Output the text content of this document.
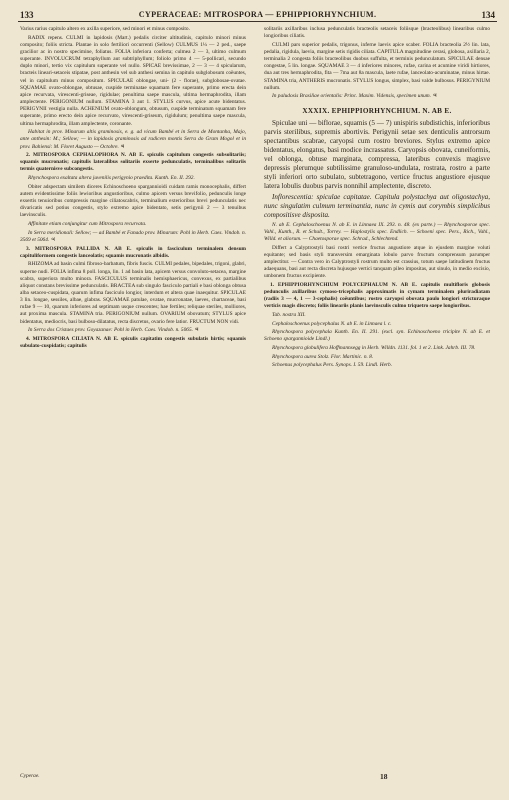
133	CYPERACEAE: MITROSPORA — EPHIPPIORHYNCHIUM.	134

Varius rarius capitulo altero ex axilla superiore, sed minori et minus composito.

RADIX repens. CULMI in lapidosis (Mart.) pedalis circiter altitudinis, capitulo minori minus composito; foliis stricta. Plantae in solo fertiliori occurrenti (Sellow) CULMUS 1¼ — 2 ped., saepe gracilior ac in nostro specimine, foliatus. FOLIA inferiora conferta; culmea 2 — 3, ultimo culmum superante. INVOLUCRUM tetraphyllum aut subtriphyllum; foliolo primo 4 — 5-pollicari, secundo duplo minori, tertio vix capitulum superante vel nullo. SPICAE brevissimae, 2 — 3 — 4 spicularum, bracteis lineari-setaceis stipatae, post anthesin vel sub anthesi semina in capitulo subglobosum coëuntes, vel in capitulum minus compositum. SPICULAE oblongae, uni- (2 - florae), subglobosae-ovatae. SQUAMAE ovato-oblongae, obtusae, cuspide terminatae squamam fere superante, primo erecta dein apice recurvata, virescenti-griseae, rigidulae; penultima saepe mascula, ultima hermaphrodita, illam amplectente. PERIGONIUM nullum. STAMINA 3 aut 1. STYLUS curvus, apice acute bidentatus. PERIGYNII vestigia nulla. ACHENIUM ovato-oblongum, obtusum, cuspide terminatum squamam fere superante, primo erecto dein apice recurvato, virescenti-griseum, rigidulum; penultima saepe mascula, ultima hermaphrodita, illam amplectente, coronante.

Habitat in prov. Minarum altis graminosis, e. g. ad vicum Bambé et in Serra de Montanha, Majo, ante anthesin: M.; Sellow; — in lapidosis graminosis ad radicem montis Serra do Gram Mogol et in prov. Bahiensi: M. Floret Augusto — Octobre. ♃

2. MITROSPORA CEPHALOPHORA N. AB E. spiculis capitulum congestis subsolitariis; squamis mucronatis; capitulis lateralibus solitariis exserte pedunculatis, terminalibus solitariis termis quaternisve subcongestis.

Rhynchospora exaltata altera juvenilis perigynio praedita. Kunth. En. II. 292.

Obiter adspectam similem diceres Echinoschoeno spargannioidi cuidam ramis monocephalis, differt autem evidentissime foliis lewioribus angustioribus, culmo apicem versus brevifolio, pedunculis longe exsertis tenuioribus compressis margine ciliatoscabris, terminalium exterioribus brevi pedunculatis nec divaricatis sed potius congestis, stylo extremo apice bidentato, setis perigynii 2 — 3 tenuibus laevinsculis.

Affinitate etiam conjungitur cum Mitrospora recurvata.

In Serra meridionali: Sellow; — ad Bambé et Fanado prov. Minarum: Pohl in Herb. Caes. Vindob. n. 3569 et 5064. ♃

3. MITROSPORA PALLIDA N. AB E. spiculis in fasciculum terminalem densum capituliformem congestis lanceolatis; squamis mucronatis albidis.

RHIZOMA ad basin culmi fibroso-barbatum, fibris fuscis. CULMI pedales, bipedales, trigoni, glabri, superne nudi. FOLIA infima 8 poll. longa, lin. 1 ad basin lata, apicem versus convoluto-setacea, margine scabra, superiora multo minora. FASCICULUS terminalis hemisphaericus, convexus, ex partialibus aliquot constans brevissime pedunculatis. BRACTEA sub singulo fasciculo partiali e basi oblonga obtusa alba setaceo-cuspidata, quarum infima fasciculo longior, interdum et altera quae inaequitur. SPICULAE 3 lin. longae, sessiles, albae, glabras. SQUAMAE patulae, ovatae, mucronatae, laeves, chartaceae, basi rufae 9 — 10, quarum inferiores ad septimam usque crescentes; hae fertiles; reliquae steriles, molliores, aut proxima mascula. STAMINA tria. PERIGONIUM nullum. OVARIUM obovatum; STYLUS apice bidentatus, mediocris, basi bulboso-dilatatus, recta discretus, ovario fere latior. FRUCTUM NON vidi.

In Serra dos Cristaes prov. Goyazanae: Pohl in Herb. Caes. Vindob. n. 5065. ♃

4. MITROSPORA CILIATA N. AB E. spiculis capitatim congestis subulatis hirtis; squamis subulato-cuspidatis; capitulis

solitariis axillaribus inclusa pedunculatis bracteolis setaceis foliisque (bracteolibus) linearibus culmo longioribus ciliatis.

CULMI pars superior pedalis, trigonus, inferne laevis apice scaber. FOLIA bracteolia 2½ lin. lata, pedalia, rigidula, laevia, margine setis rigidis ciliata. CAPITULA magnitudine cerasi, globosa, axillaria 2, terminalia 2 congesta foliis bracteolibus duobus suffulta, et terminis pedunculatum. SPICULAE densae congestae, 5 lin. longae. SQUAMAE 3 — 4 inferiores minores, rufae, carina et acumine viridi hirtiores, dua aut tres hermaphrodita, fita — 7ma aut 8a mascula, laete rufae, lanceolato-acuminatae, minus hirtae. STAMINA tria, ANTHERIS mucronatis. STYLUS longus, simplex, basi valde bulbosus. PERIGYNIUM nullum.

In paludosis Brasiliae orientalis: Princ. Maxim. Vidensis, specimen unum. ♃

XXXIX. EPHIPPIORHYNCHIUM. N. AB E.

Spiculae uni — biflorae, squamis (5 — 7) unispiris subdistichis, inferioribus parvis sterilibus, supremis abortivis. Perigynii setae sex denticulis antrorsum spectantibus scabrae, caryopsi cum rostro breviores. Stylus extremo apice bidentatus, elongatus, basi modice incrassatus. Caryopsis obovata, cuneiformis, vel oblonga, obtuse marginata, compressa, lateribus convexis magisve depressis plerumque subtilissime granuloso-undulata, rostrata, rostro a parte styli inferiori orto subulato, subtetragono, vertice fructus angustiore ejusque latera lobulis duobus parvis nonnihil amplectente, discreto.

Inflorescentia: spiculae capitatae. Capitula polystachya aut oligostachya, nunc singulatim culmum terminantia, nunc in cymis aut corymbis simplicibus compositisve disposita.

N. ab E. Cephaloschoenus N. ab E. in Linnaea IX. 293. n. 48. (ex parte.) — Rhynchosporae spec. Vahl., Kunth., R. et Schult., Torrey. — Haplostylis spec. Endlich. — Schoeni spec. Pers., Rich., Vahl., Willd. et aliorum. — Chaetosporae spec. Schrad., Schlechtend.

Differt a Calyptrostyli basi rostri vertice fructus angustiore atque in ejusdem margine voluti equitante; sed basis styli transversim emarginata lobulo parvo fructum comprensum parumper amplectitur. — Contra vero in Calyptrostyli rostrum multo est crassius, totum saepe latitudinem fructus adaequans, basi aut recta discreta hujusque vertici tanquam pileo impositas, aut sinulo, in medio excisio, umbonem fructus excipiente.

1. EPHIPPIORHYNCHIUM POLYCEPHALUM N. AB E. capitulis multifloris globosis pedunculis axillaribus cymoso-tricephalis approximatis in cymam terminalem pluriradiatam (radiis 3 — 4, 1 — 3-cephalis) coëuntibus; rostro caryopsi obovata paulo longiori stricturaque verticis magis discreto; foliis lineariis planis laevinsculis culmo triquetro saepe longioribus.

Tab. nostra XII.

Cephaloschoenus polycephalus N. ab E. in Linnaea l. c.

Rhynchospora polycephala Kunth. En. II. 291. (excl. syn. Echinoschoeno tricipite N. ab E. et Schoeno spargannioide Lindl.)

Rhynchospora globulifera Hoffmannsegg in Herb. Willdn. 1131. fol. 1 et 2. Link. Jahrb. III. 78.

Rhynchospora aurea Stolz. Flor. Martinic. n. 8.

Schoenus polycephalus Pers. Synops. I. 59. Lindl. Herb.

Cyperae.	18
